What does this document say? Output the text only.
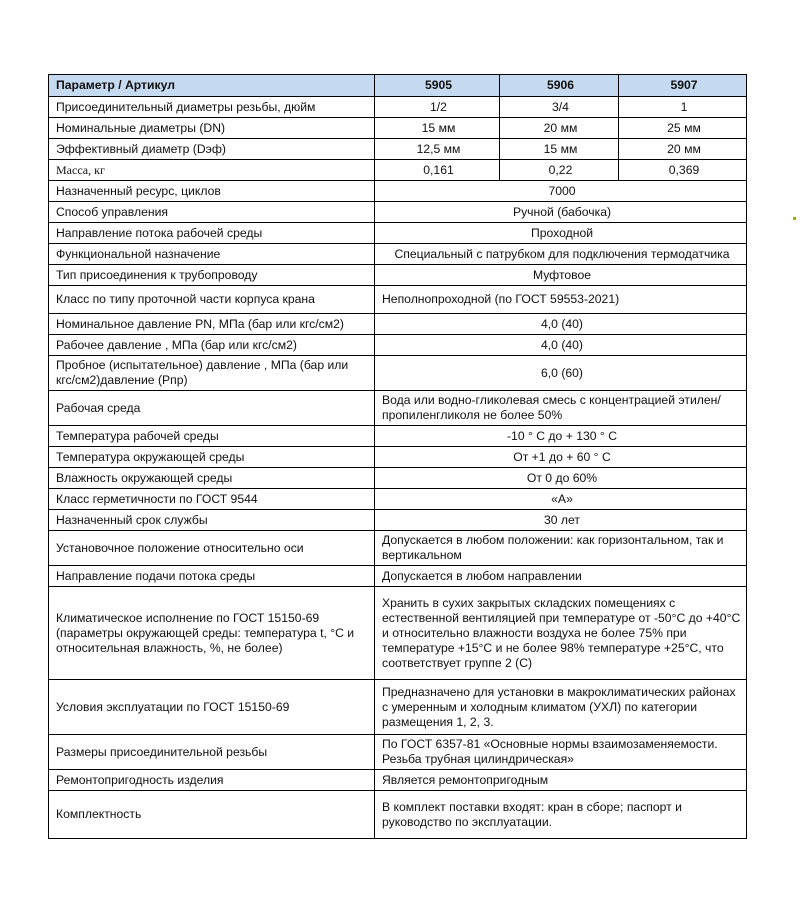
Параметр / Артикул	5905	5906	5907
Присоединительный диаметры резьбы, дюйм	1/2	3/4	1
Номинальные диаметры (DN)	15 мм	20 мм	25 мм
Эффективный диаметр (Dэф)	12,5 мм	15 мм	20 мм
Масса, кг	0,161	0,22	0,369
Назначенный ресурс, циклов	7000		
Способ управления	Ручной (бабочка)		
Направление потока рабочей среды	Проходной		
Функциональной назначение	Специальный с патрубком для подключения термодатчика		
Тип присоединения к трубопроводу	Муфтовое		
Класс по типу проточной части корпуса крана	Неполнопроходной (по ГОСТ 59553-2021)		
Номинальное давление PN, МПа (бар или кгс/см2)	4,0 (40)		
Рабочее давление , МПа (бар или кгс/см2)	4,0 (40)		
Пробное (испытательное) давление , МПа (бар или кгс/см2)давление (Pпр)	6,0 (60)		
Рабочая среда	Вода или водно-гликолевая смесь с концентрацией этилен/пропиленгликоля не более 50%		
Температура рабочей среды	-10 ° С до + 130 ° С		
Температура окружающей среды	От +1 до + 60 ° С		
Влажность окружающей среды	От 0 до 60%		
Класс герметичности по ГОСТ 9544	«А»		
Назначенный срок службы	30 лет		
Установочное положение относительно оси	Допускается в любом положении: как горизонтальном, так и вертикальном		
Направление подачи потока среды	Допускается в любом направлении		
Климатическое исполнение по ГОСТ 15150-69 (параметры окружающей среды: температура t, °С и относительная влажность, %, не более)	Хранить в сухих закрытых складских помещениях с естественной вентиляцией при температуре от -50°С до +40°С и относительно влажности воздуха не более 75% при температуре +15°С и не более 98% температуре +25°С, что соответствует группе 2 (С)		
Условия эксплуатации по ГОСТ 15150-69	Предназначено для установки в макроклиматических районах с умеренным и холодным климатом (УХЛ) по категории размещения 1, 2, 3.		
Размеры присоединительной резьбы	По ГОСТ 6357-81 «Основные нормы взаимозаменяемости. Резьба трубная цилиндрическая»		
Ремонтопригодность изделия	Является ремонтопригодным		
Комплектность	В комплект поставки входят: кран в сборе; паспорт и руководство по эксплуатации.		
